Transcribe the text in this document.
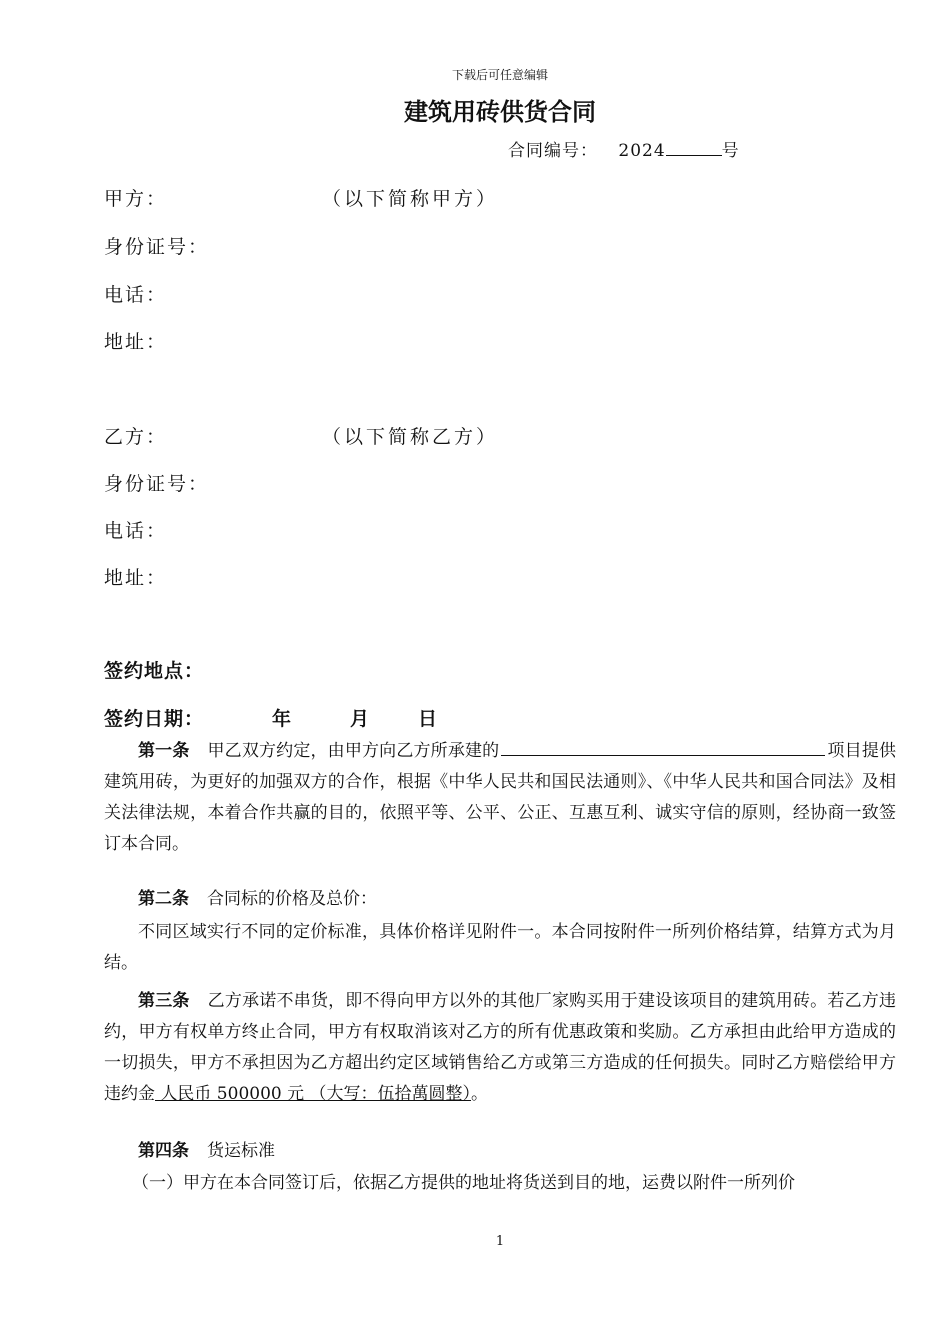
下载后可任意编辑
建筑用砖供货合同
合同编号： 2024	号
甲方：	（以下简称甲方）
身份证号：
电话：
地址：
乙方：	（以下简称乙方）
身份证号：
电话：
地址：
签约地点：
签约日期：	年	月	日
第一条 甲乙双方约定，由甲方向乙方所承建的	项目提供建筑用砖，为更好的加强双方的合作，根据《中华人民共和国民法通则》、《中华人民共和国合同法》及相关法律法规，本着合作共赢的目的，依照平等、公平、公正、互惠互利、诚实守信的原则，经协商一致签订本合同。
第二条 合同标的价格及总价：
不同区域实行不同的定价标准，具体价格详见附件一。本合同按附件一所列价格结算，结算方式为月结。
第三条 乙方承诺不串货，即不得向甲方以外的其他厂家购买用于建设该项目的建筑用砖。若乙方违约，甲方有权单方终止合同，甲方有权取消该对乙方的所有优惠政策和奖励。乙方承担由此给甲方造成的一切损失，甲方不承担因为乙方超出约定区域销售给乙方或第三方造成的任何损失。同时乙方赔偿给甲方违约金 人民币 500000 元 （大写：伍拾萬圆整）。
第四条 货运标准
（一）甲方在本合同签订后，依据乙方提供的地址将货送到目的地，运费以附件一所列价
1
